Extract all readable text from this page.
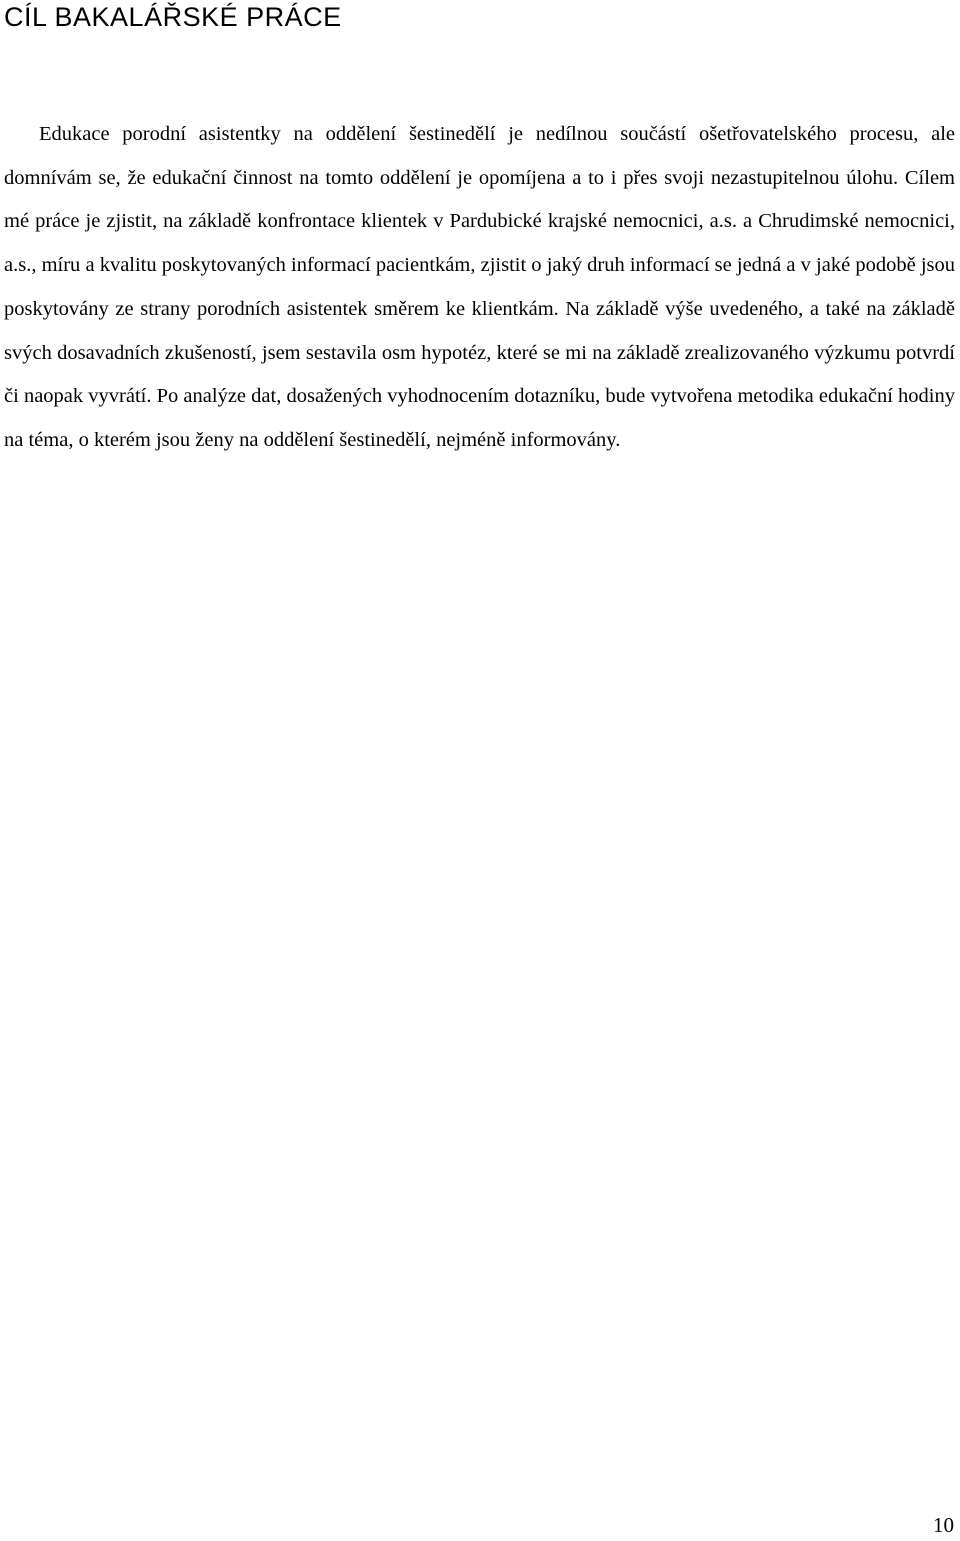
CÍL BAKALÁŘSKÉ PRÁCE

Edukace porodní asistentky na oddělení šestinedělí je nedílnou součástí ošetřovatelského procesu, ale domnívám se, že edukační činnost na tomto oddělení je opomíjena a to i přes svoji nezastupitelnou úlohu. Cílem mé práce je zjistit, na základě konfrontace klientek v Pardubické krajské nemocnici, a.s. a Chrudimské nemocnici, a.s., míru a kvalitu poskytovaných informací pacientkám, zjistit o jaký druh informací se jedná a v jaké podobě jsou poskytovány ze strany porodních asistentek směrem ke klientkám. Na základě výše uvedeného, a také na základě svých dosavadních zkušeností, jsem sestavila osm hypotéz, které se mi na základě zrealizovaného výzkumu potvrdí či naopak vyvrátí. Po analýze dat, dosažených vyhodnocením dotazníku, bude vytvořena metodika edukační hodiny na téma, o kterém jsou ženy na oddělení šestinedělí, nejméně informovány.

10
